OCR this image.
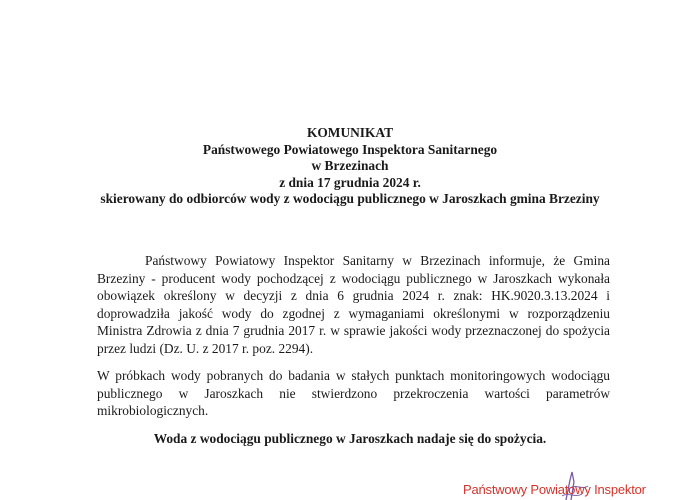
KOMUNIKAT
Państwowego Powiatowego Inspektora Sanitarnego
w Brzezinach
z dnia 17 grudnia 2024 r.
skierowany do odbiorców wody z wodociągu publicznego w Jaroszkach gmina Brzeziny
Państwowy Powiatowy Inspektor Sanitarny w Brzezinach informuje, że Gmina
Brzeziny - producent wody pochodzącej z wodociągu publicznego w Jaroszkach wykonała
obowiązek określony w decyzji z dnia 6 grudnia 2024 r. znak: HK.9020.3.13.2024 i
doprowadziła jakość wody do zgodnej z wymaganiami określonymi w rozporządzeniu
Ministra Zdrowia z dnia 7 grudnia 2017 r. w sprawie jakości wody przeznaczonej do spożycia
przez ludzi (Dz. U. z 2017 r. poz. 2294).
W próbkach wody pobranych do badania w stałych punktach monitoringowych wodociągu
publicznego w Jaroszkach nie stwierdzono przekroczenia wartości parametrów
mikrobiologicznych.
Woda z wodociągu publicznego w Jaroszkach nadaje się do spożycia.
Państwowy Powiatowy Inspektor
